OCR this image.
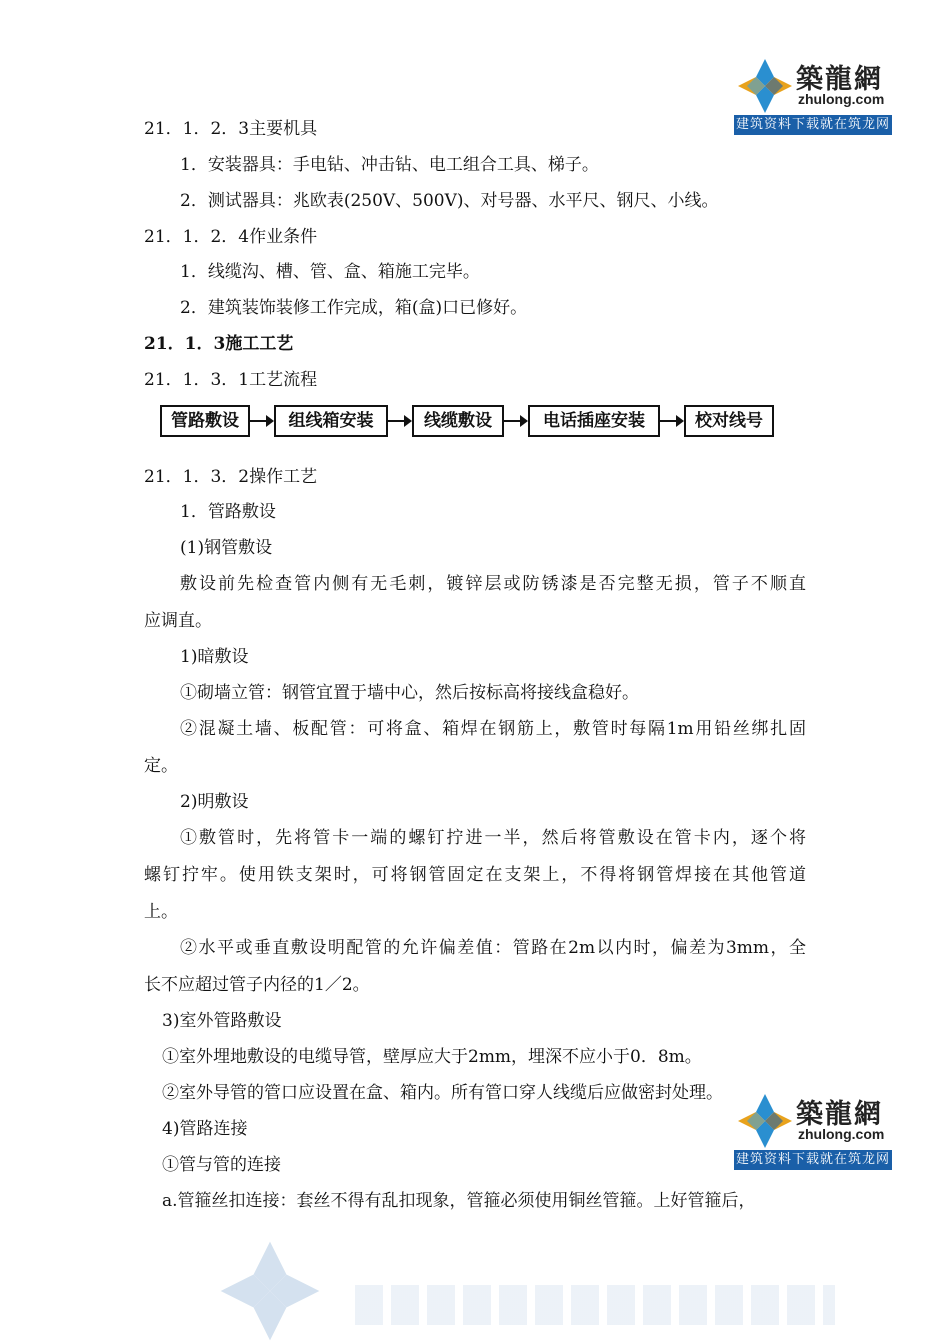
築龍網
zhulong.com
建筑资料下载就在筑龙网
21．1．2．3主要机具
1．安装器具：手电钻、冲击钻、电工组合工具、梯子。
2．测试器具：兆欧表(250V、500V)、对号器、水平尺、钢尺、小线。
21．1．2．4作业条件
1．线缆沟、槽、管、盒、箱施工完毕。
2．建筑装饰装修工作完成，箱(盒)口已修好。
21．1．3施工工艺
21．1．3．1工艺流程
管路敷设	组线箱安装	线缆敷设	电话插座安装	校对线号
21．1．3．2操作工艺
1．管路敷设
(1)钢管敷设
敷设前先检查管内侧有无毛刺，镀锌层或防锈漆是否完整无损，管子不顺直
应调直。
1)暗敷设
①砌墙立管：钢管宜置于墙中心，然后按标高将接线盒稳好。
②混凝土墙、板配管：可将盒、箱焊在钢筋上，敷管时每隔1m用铅丝绑扎固
定。
2)明敷设
①敷管时，先将管卡一端的螺钉拧进一半，然后将管敷设在管卡内，逐个将
螺钉拧牢。使用铁支架时，可将钢管固定在支架上，不得将钢管焊接在其他管道
上。
②水平或垂直敷设明配管的允许偏差值：管路在2m以内时，偏差为3mm，全
长不应超过管子内径的1／2。
3)室外管路敷设
①室外埋地敷设的电缆导管，壁厚应大于2mm，埋深不应小于0．8m。
②室外导管的管口应设置在盒、箱内。所有管口穿人线缆后应做密封处理。
4)管路连接
①管与管的连接
a.管箍丝扣连接：套丝不得有乱扣现象，管箍必须使用铜丝管箍。上好管箍后，
築龍網
zhulong.com
建筑资料下载就在筑龙网
